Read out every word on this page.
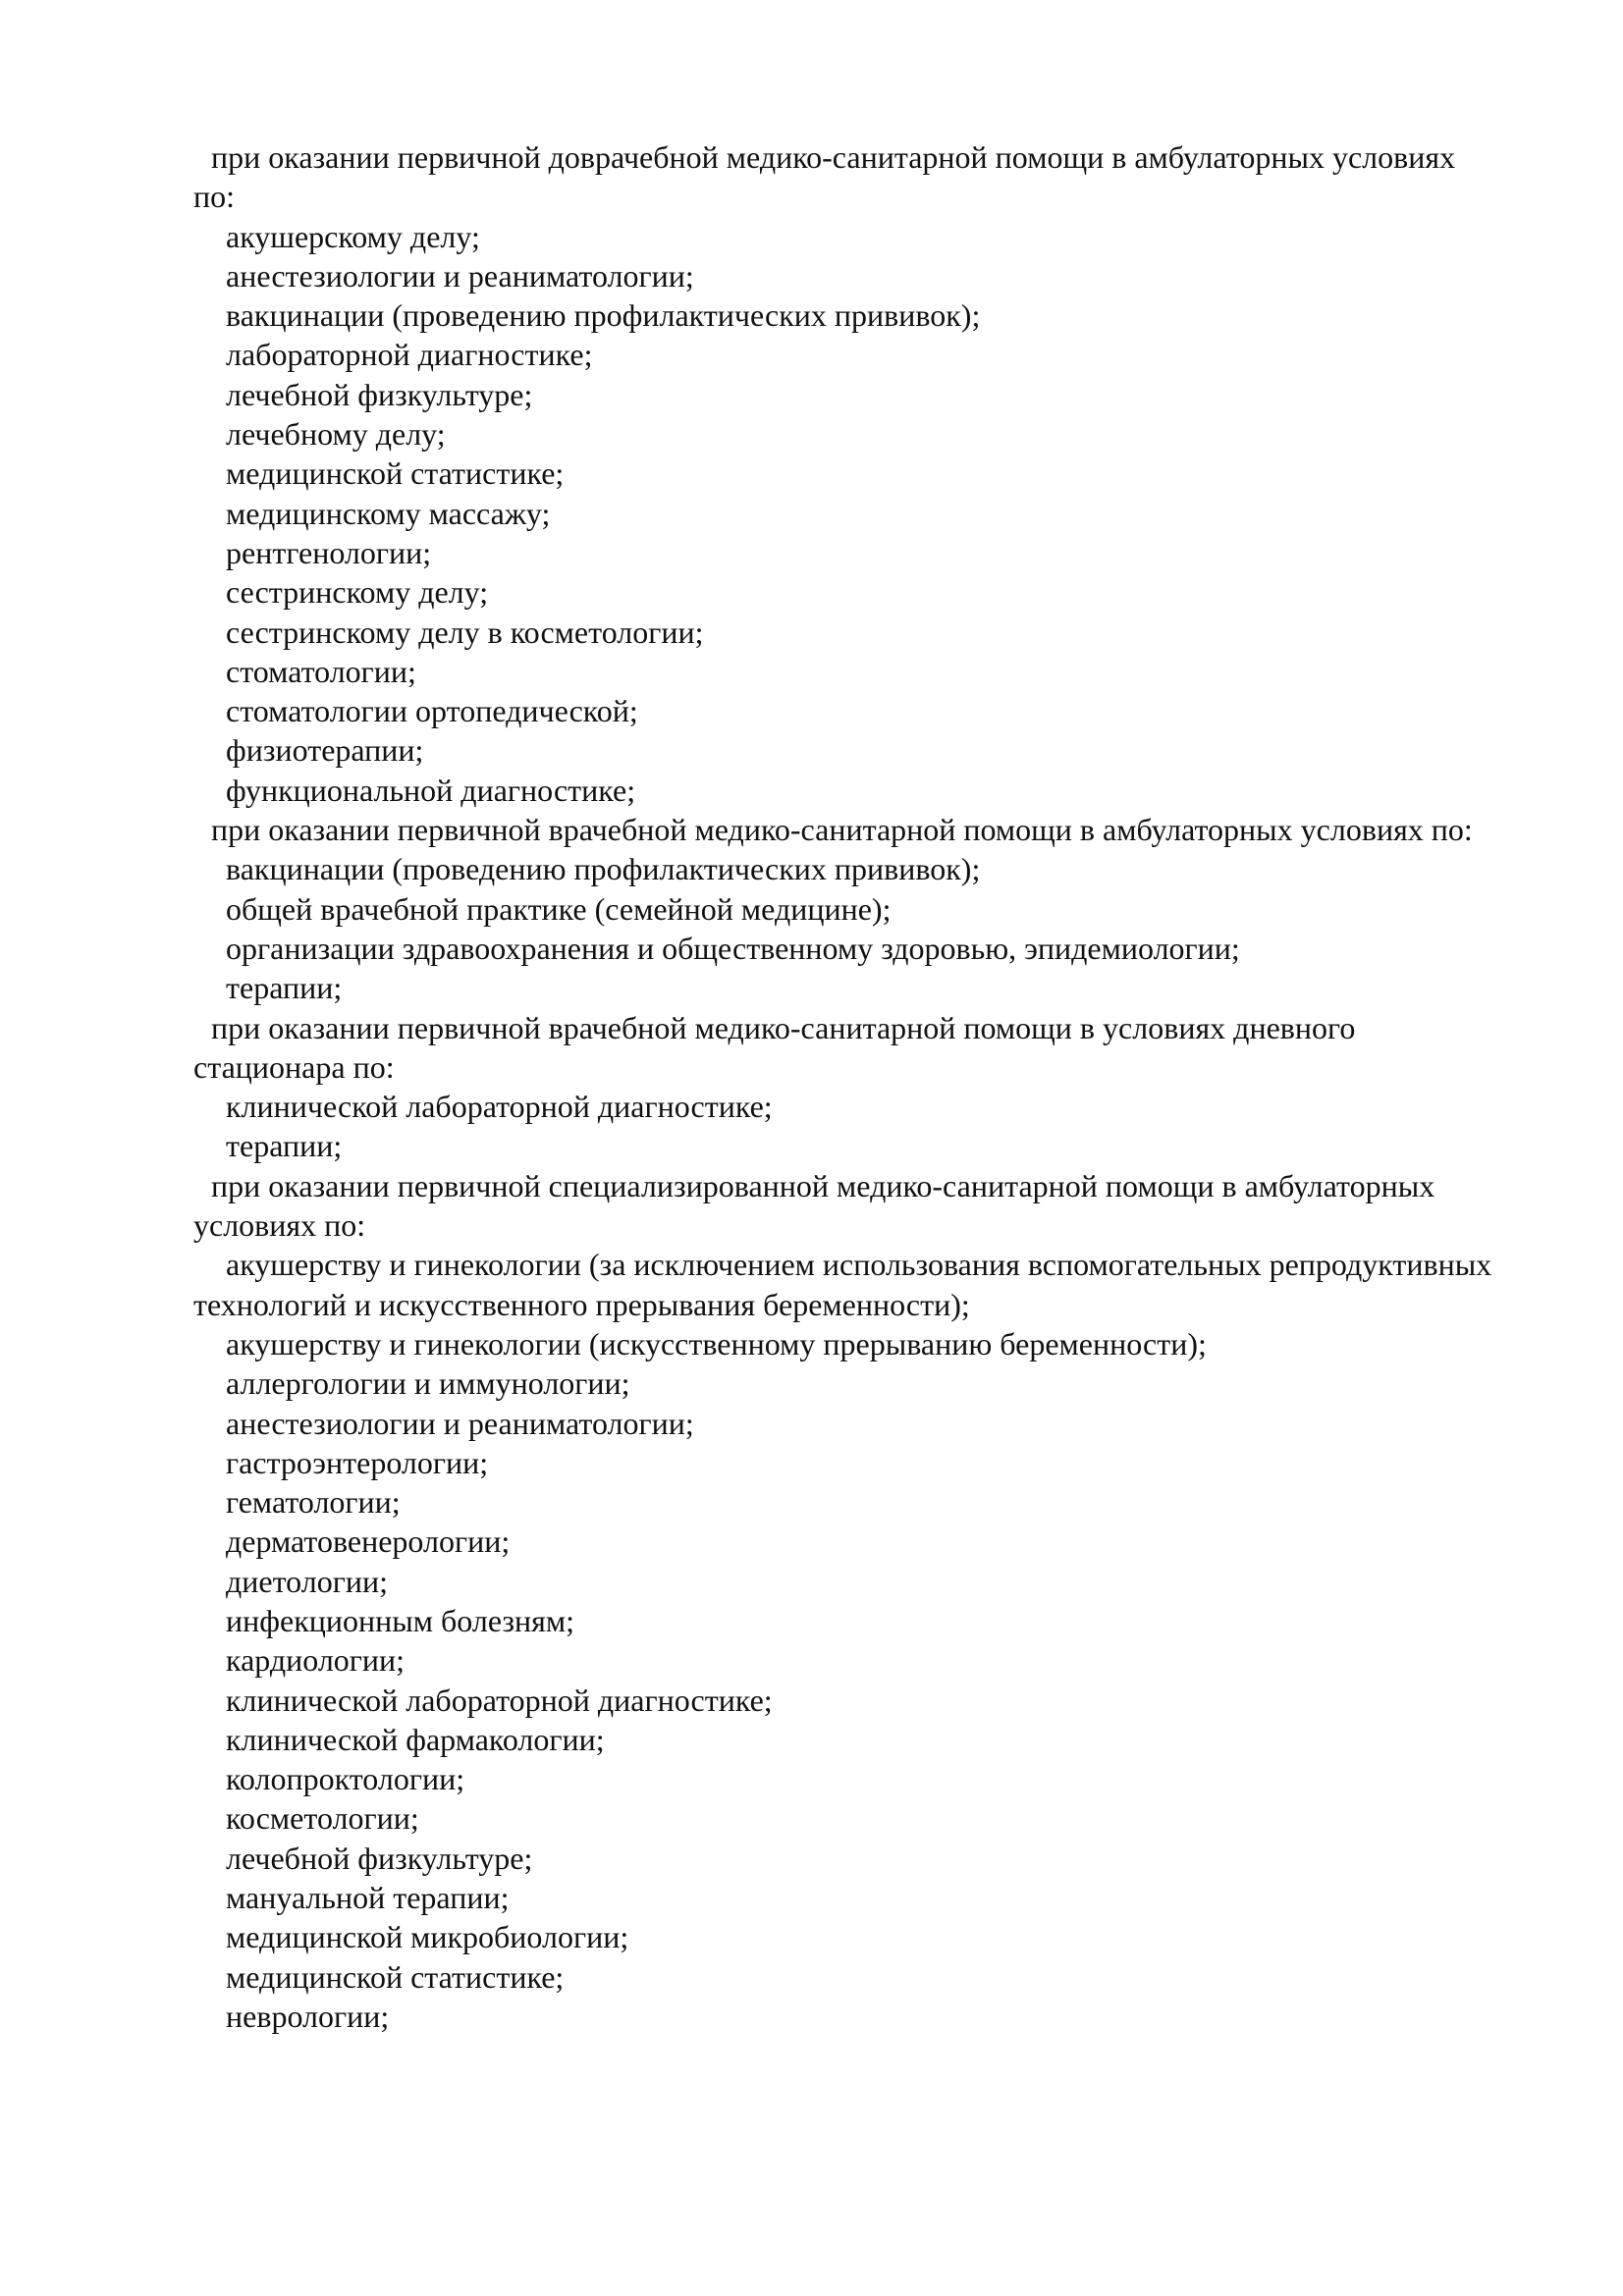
при оказании первичной доврачебной медико-санитарной помощи в амбулаторных условиях
по:

акушерскому делу;

анестезиологии и реаниматологии;

вакцинации (проведению профилактических прививок);

лабораторной диагностике;

лечебной физкультуре;

лечебному делу;

медицинской статистике;

медицинскому массажу;

рентгенологии;

сестринскому делу;

сестринскому делу в косметологии;

стоматологии;

стоматологии ортопедической;

физиотерапии;

функциональной диагностике;

при оказании первичной врачебной медико-санитарной помощи в амбулаторных условиях по:

вакцинации (проведению профилактических прививок);

общей врачебной практике (семейной медицине);

организации здравоохранения и общественному здоровью, эпидемиологии;

терапии;

при оказании первичной врачебной медико-санитарной помощи в условиях дневного
стационара по:

клинической лабораторной диагностике;

терапии;

при оказании первичной специализированной медико-санитарной помощи в амбулаторных
условиях по:

акушерству и гинекологии (за исключением использования вспомогательных репродуктивных
технологий и искусственного прерывания беременности);

акушерству и гинекологии (искусственному прерыванию беременности);

аллергологии и иммунологии;

анестезиологии и реаниматологии;

гастроэнтерологии;

гематологии;

дерматовенерологии;

диетологии;

инфекционным болезням;

кардиологии;

клинической лабораторной диагностике;

клинической фармакологии;

колопроктологии;

косметологии;

лечебной физкультуре;

мануальной терапии;

медицинской микробиологии;

медицинской статистике;

неврологии;
